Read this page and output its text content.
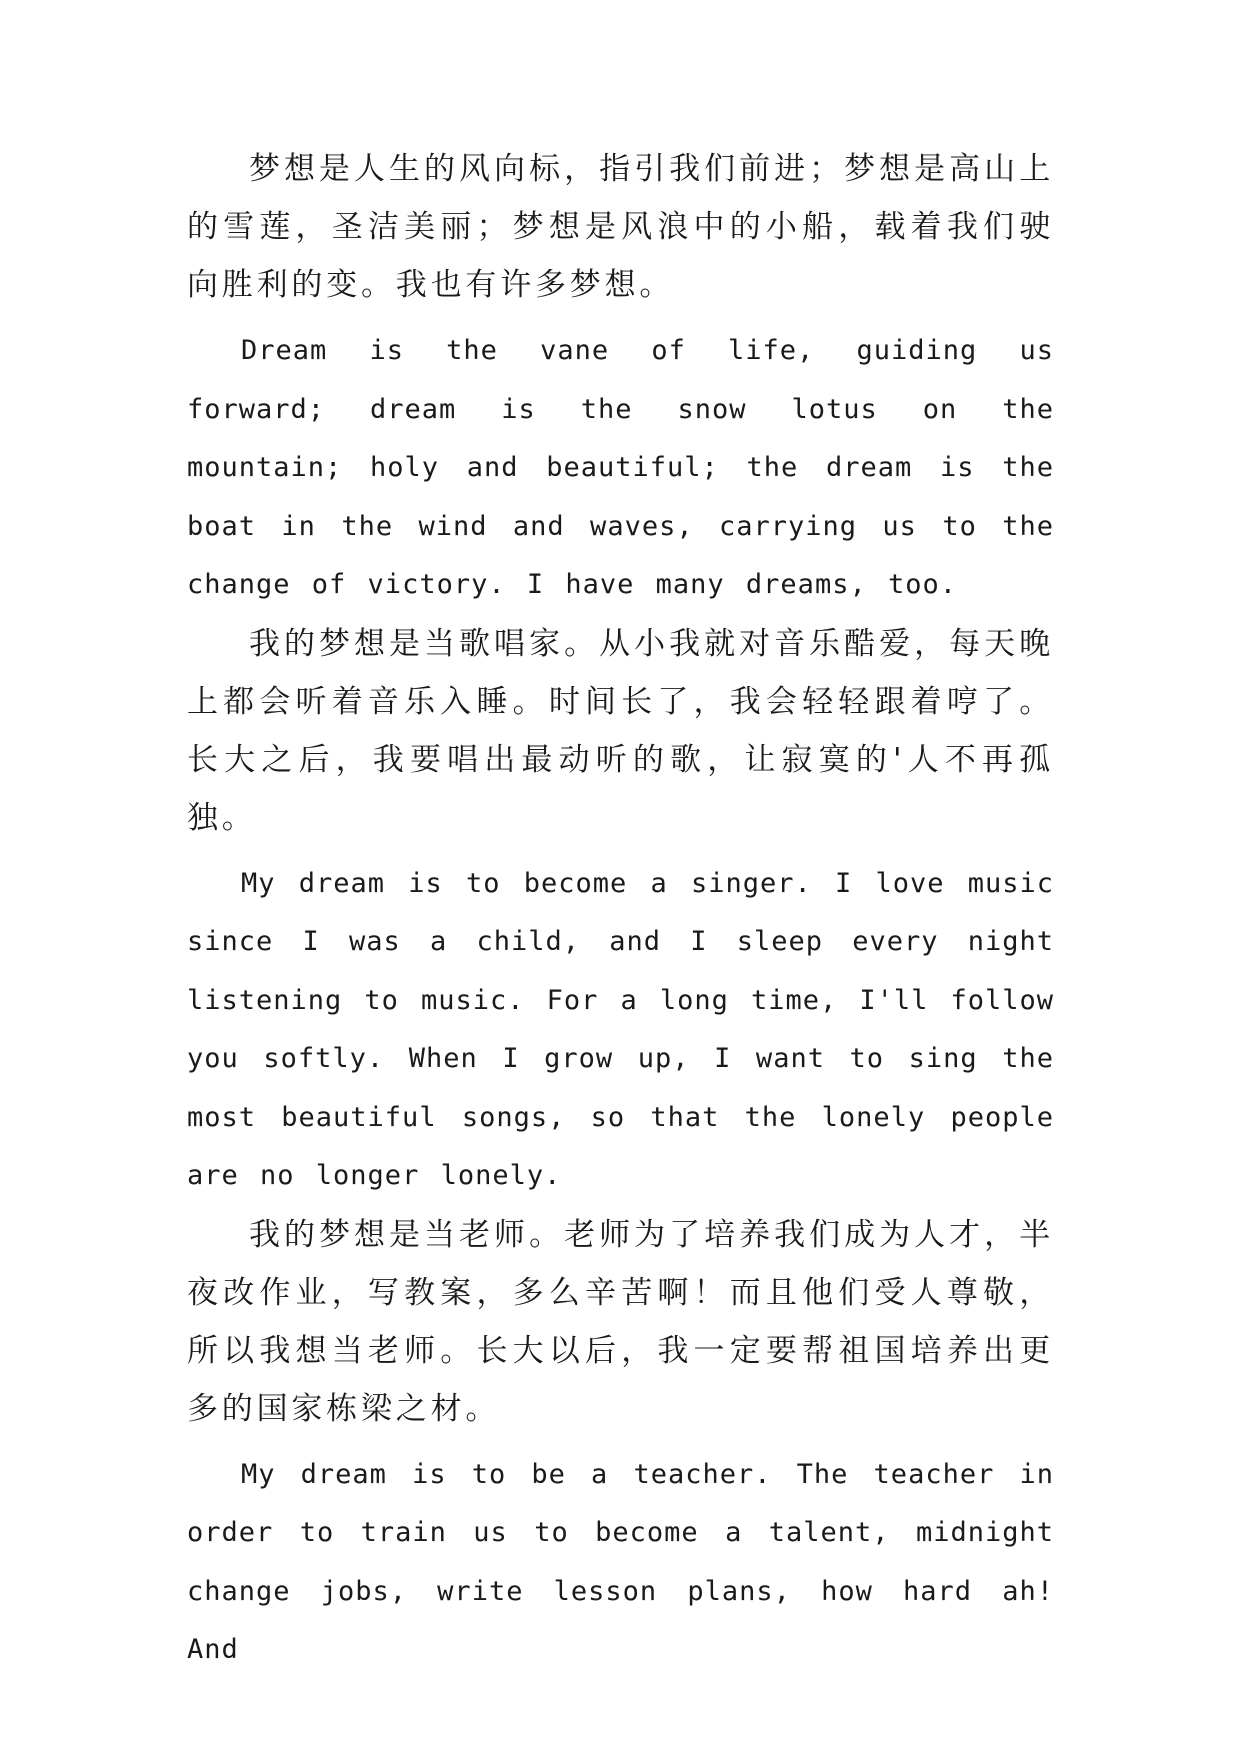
梦想是人生的风向标，指引我们前进；梦想是高山上的雪莲，圣洁美丽；梦想是风浪中的小船，载着我们驶向胜利的变。我也有许多梦想。

Dream is the vane of life, guiding us forward; dream is the snow lotus on the mountain; holy and beautiful; the dream is the boat in the wind and waves, carrying us to the change of victory. I have many dreams, too.

我的梦想是当歌唱家。从小我就对音乐酷爱，每天晚上都会听着音乐入睡。时间长了，我会轻轻跟着哼了。长大之后，我要唱出最动听的歌，让寂寞的'人不再孤独。

My dream is to become a singer. I love music since I was a child, and I sleep every night listening to music. For a long time, I'll follow you softly. When I grow up, I want to sing the most beautiful songs, so that the lonely people are no longer lonely.

我的梦想是当老师。老师为了培养我们成为人才，半夜改作业，写教案，多么辛苦啊！而且他们受人尊敬，所以我想当老师。长大以后，我一定要帮祖国培养出更多的国家栋梁之材。

My dream is to be a teacher. The teacher in order to train us to become a talent, midnight change jobs, write lesson plans, how hard ah! And
